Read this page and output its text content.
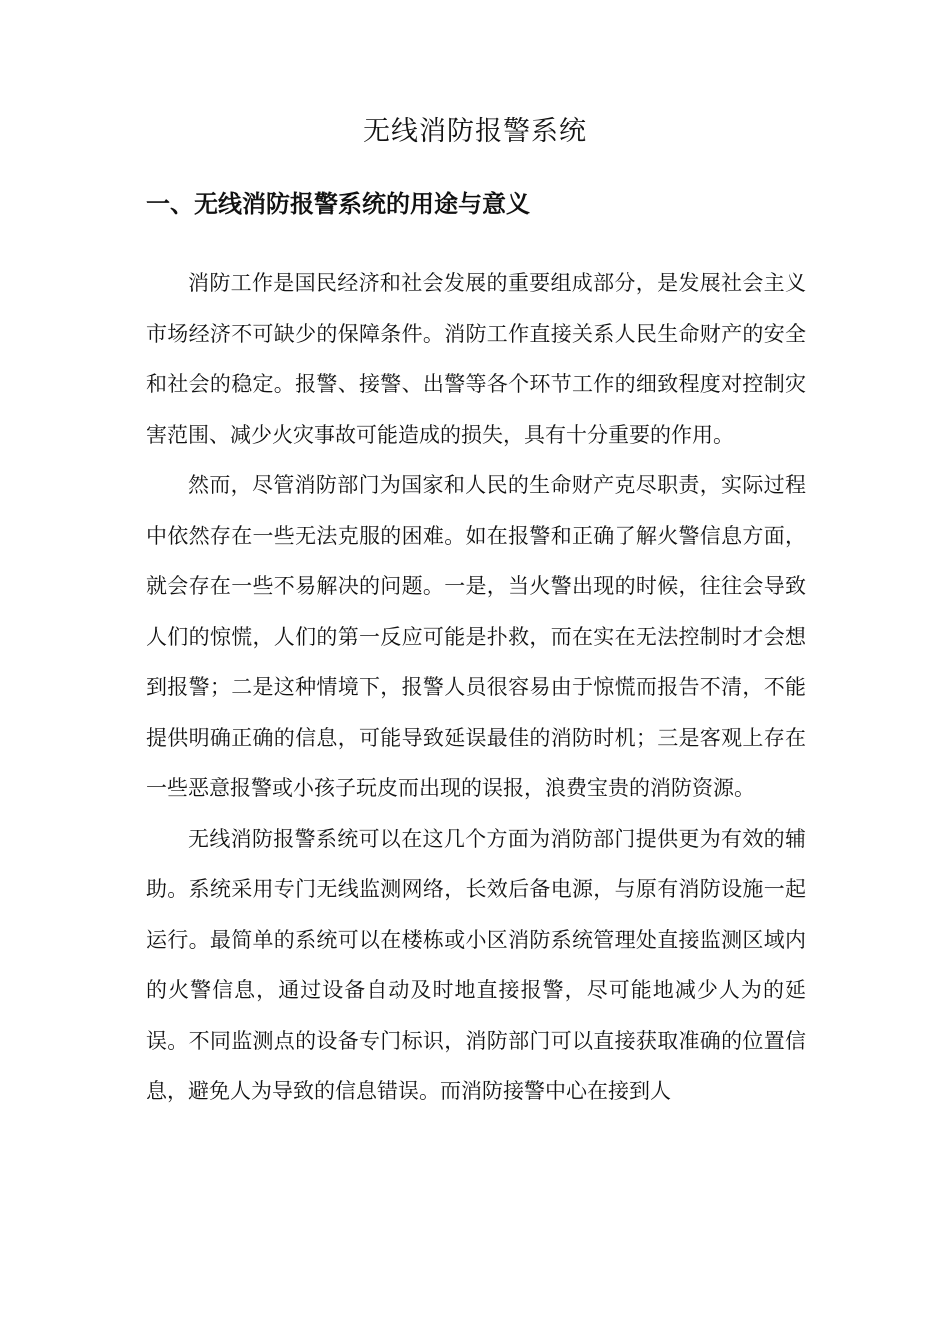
无线消防报警系统
一、无线消防报警系统的用途与意义

消防工作是国民经济和社会发展的重要组成部分，是发展社会主义市场经济不可缺少的保障条件。消防工作直接关系人民生命财产的安全和社会的稳定。报警、接警、出警等各个环节工作的细致程度对控制灾害范围、减少火灾事故可能造成的损失，具有十分重要的作用。

然而，尽管消防部门为国家和人民的生命财产克尽职责，实际过程中依然存在一些无法克服的困难。如在报警和正确了解火警信息方面，就会存在一些不易解决的问题。一是，当火警出现的时候，往往会导致人们的惊慌，人们的第一反应可能是扑救，而在实在无法控制时才会想到报警；二是这种情境下，报警人员很容易由于惊慌而报告不清，不能提供明确正确的信息，可能导致延误最佳的消防时机；三是客观上存在一些恶意报警或小孩子玩皮而出现的误报，浪费宝贵的消防资源。

无线消防报警系统可以在这几个方面为消防部门提供更为有效的辅助。系统采用专门无线监测网络，长效后备电源，与原有消防设施一起运行。最简单的系统可以在楼栋或小区消防系统管理处直接监测区域内的火警信息，通过设备自动及时地直接报警，尽可能地减少人为的延误。不同监测点的设备专门标识，消防部门可以直接获取准确的位置信息，避免人为导致的信息错误。而消防接警中心在接到人
